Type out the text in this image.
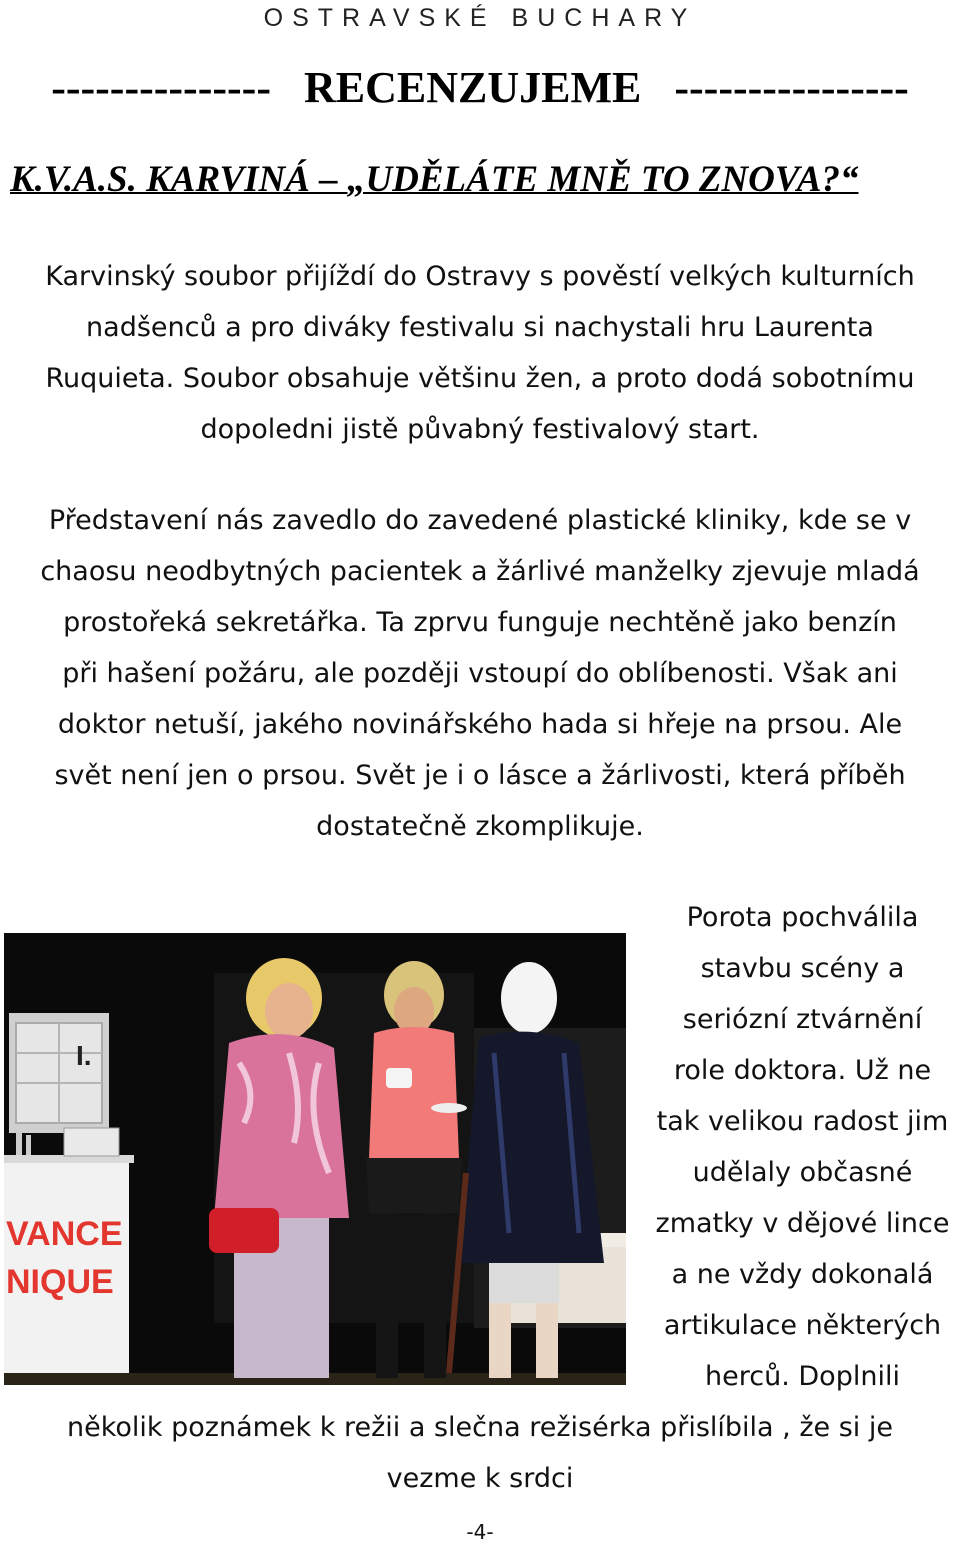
OSTRAVSKÉ BUCHARY
--------------- RECENZUJEME ----------------
K.V.A.S. KARVINÁ – „UDĚLÁTE MNĚ TO ZNOVA?“
Karvinský soubor přijíždí do Ostravy s pověstí velkých kulturních
nadšenců a pro diváky festivalu si nachystali hru Laurenta
Ruquieta. Soubor obsahuje většinu žen, a proto dodá sobotnímu
dopoledni jistě půvabný festivalový start.
Představení nás zavedlo do zavedené plastické kliniky, kde se v
chaosu neodbytných pacientek a žárlivé manželky zjevuje mladá
prostořeká sekretářka. Ta zprvu funguje nechtěně jako benzín
při hašení požáru, ale později vstoupí do oblíbenosti. Však ani
doktor netuší, jakého novinářského hada si hřeje na prsou. Ale
svět není jen o prsou. Svět je i o lásce a žárlivosti, která příběh
dostatečně zkomplikuje.
I.
VANCE
NIQUE
Porota pochválila
stavbu scény a
seriózní ztvárnění
role doktora. Už ne
tak velikou radost jim
udělaly občasné
zmatky v dějové lince
a ne vždy dokonalá
artikulace některých
herců. Doplnili
několik poznámek k režii a slečna režisérka přislíbila , že si je
vezme k srdci
-4-
